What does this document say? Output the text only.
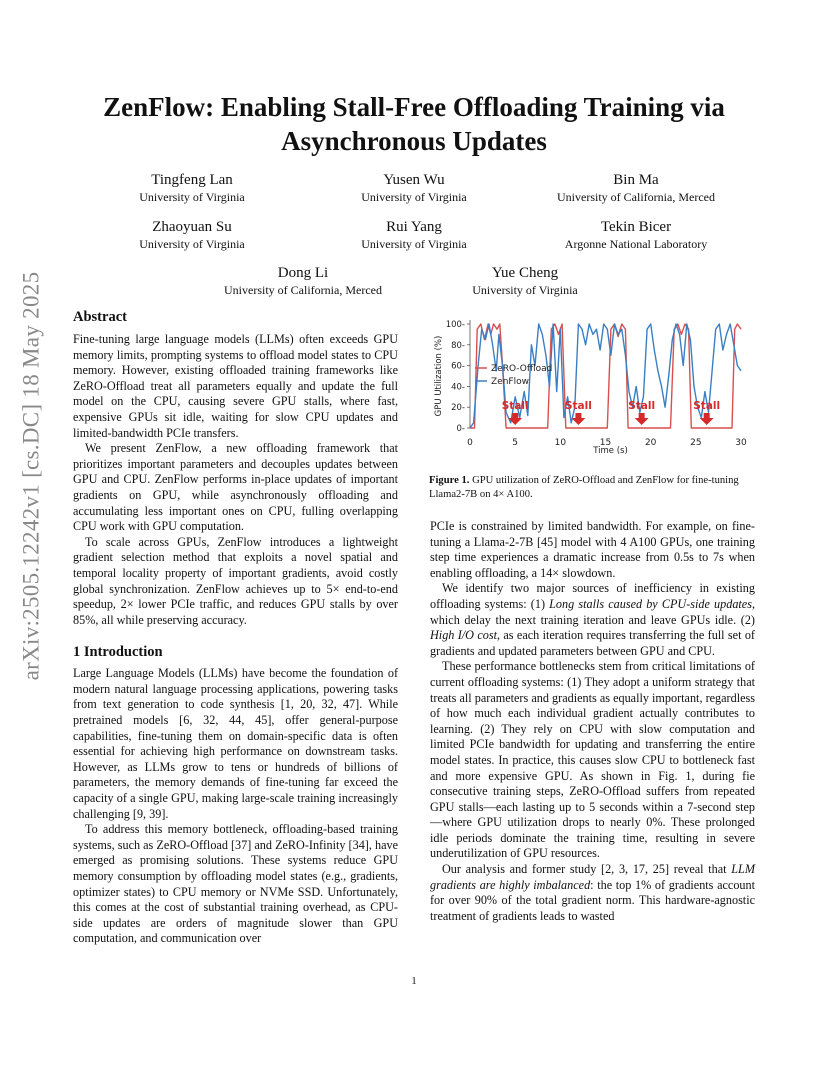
arXiv:2505.12242v1 [cs.DC] 18 May 2025
ZenFlow: Enabling Stall-Free Offloading Training via
Asynchronous Updates
Tingfeng Lan
University of Virginia
Yusen Wu
University of Virginia
Bin Ma
University of California, Merced
Zhaoyuan Su
University of Virginia
Rui Yang
University of Virginia
Tekin Bicer
Argonne National Laboratory
Dong Li
University of California, Merced
Yue Cheng
University of Virginia
Abstract

Fine-tuning large language models (LLMs) often exceeds GPU memory limits, prompting systems to offload model states to CPU memory. However, existing offloaded training frameworks like ZeRO-Offload treat all parameters equally and update the full model on the CPU, causing severe GPU stalls, where fast, expensive GPUs sit idle, waiting for slow CPU updates and limited-bandwidth PCIe transfers.

We present ZenFlow, a new offloading framework that prioritizes important parameters and decouples updates between GPU and CPU. ZenFlow performs in-place updates of important gradients on GPU, while asynchronously offloading and accumulating less important ones on CPU, fulling overlapping CPU work with GPU computation.

To scale across GPUs, ZenFlow introduces a lightweight gradient selection method that exploits a novel spatial and temporal locality property of important gradients, avoid costly global synchronization. ZenFlow achieves up to 5× end-to-end speedup, 2× lower PCIe traffic, and reduces GPU stalls by over 85%, all while preserving accuracy.

1 Introduction

Large Language Models (LLMs) have become the foundation of modern natural language processing applications, powering tasks from text generation to code synthesis [1, 20, 32, 47]. While pretrained models [6, 32, 44, 45], offer general-purpose capabilities, fine-tuning them on domain-specific data is often essential for achieving high performance on downstream tasks. However, as LLMs grow to tens or hundreds of billions of parameters, the memory demands of fine-tuning far exceed the capacity of a single GPU, making large-scale training increasingly challenging [9, 39].

To address this memory bottleneck, offloading-based training systems, such as ZeRO-Offload [37] and ZeRO-Infinity [34], have emerged as promising solutions. These systems reduce GPU memory consumption by offloading model states (e.g., gradients, optimizer states) to CPU memory or NVMe SSD. Unfortunately, this comes at the cost of substantial training overhead, as CPU-side updates are orders of magnitude slower than GPU computation, and communication over

0-
20-
40-
60-
80-
100-
0	5	10	15	20	25	30
Time (s)
GPU Utilization (%)	ZeRO-Offload
ZenFlow
Stall	Stall	Stall	Stall
Figure 1. GPU utilization of ZeRO-Offload and ZenFlow for fine-tuning Llama2-7B on 4× A100.

PCIe is constrained by limited bandwidth. For example, on fine-tuning a Llama-2-7B [45] model with 4 A100 GPUs, one training step time experiences a dramatic increase from 0.5s to 7s when enabling offloading, a 14× slowdown.

We identify two major sources of inefficiency in existing offloading systems: (1) Long stalls caused by CPU-side updates, which delay the next training iteration and leave GPUs idle. (2) High I/O cost, as each iteration requires transferring the full set of gradients and updated parameters between GPU and CPU.

These performance bottlenecks stem from critical limitations of current offloading systems: (1) They adopt a uniform strategy that treats all parameters and gradients as equally important, regardless of how much each individual gradient actually contributes to learning. (2) They rely on CPU with slow computation and limited PCIe bandwidth for updating and transferring the entire model states. In practice, this causes slow CPU to bottleneck fast and more expensive GPU. As shown in Fig. 1, during fie consecutive training steps, ZeRO-Offload suffers from repeated GPU stalls—each lasting up to 5 seconds within a 7-second step—where GPU utilization drops to nearly 0%. These prolonged idle periods dominate the training time, resulting in severe underutilization of GPU resources.

Our analysis and former study [2, 3, 17, 25] reveal that LLM gradients are highly imbalanced: the top 1% of gradients account for over 90% of the total gradient norm. This hardware-agnostic treatment of gradients leads to wasted

1
